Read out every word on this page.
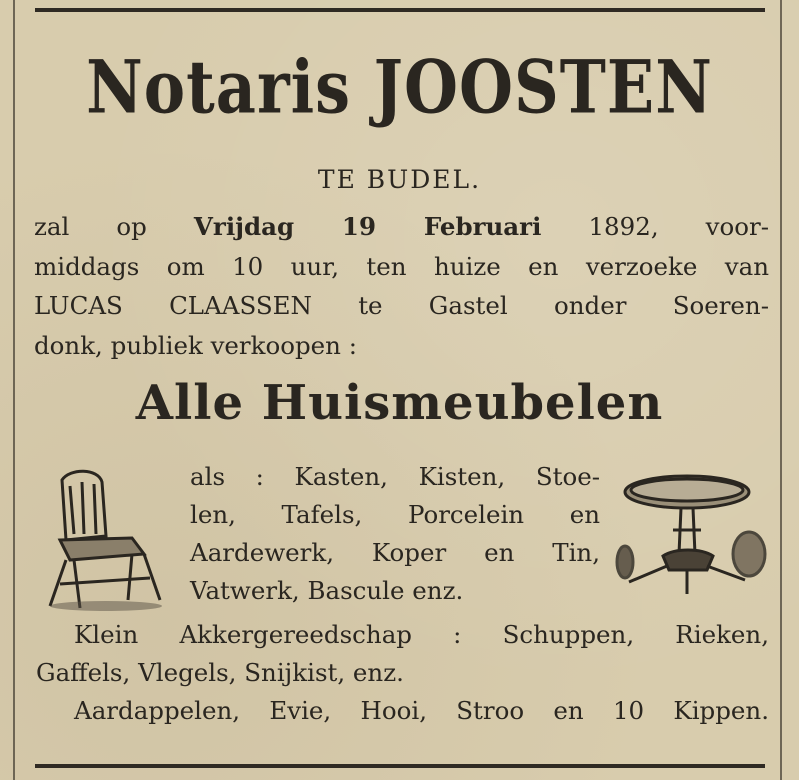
Notaris JOOSTEN
TE BUDEL.
zal op Vrijdag 19 Februari 1892, voor-
middags om 10 uur, ten huize en verzoeke van
LUCAS CLAASSEN te Gastel onder Soeren-
donk, publiek verkoopen :
Alle Huismeubelen
als : Kasten, Kisten, Stoe-
len, Tafels, Porcelein en
Aardewerk, Koper en Tin,
Vatwerk, Bascule enz.
Klein Akkergereedschap : Schuppen, Rieken,
Gaffels, Vlegels, Snijkist, enz.
Aardappelen, Evie, Hooi, Stroo en 10 Kippen.
